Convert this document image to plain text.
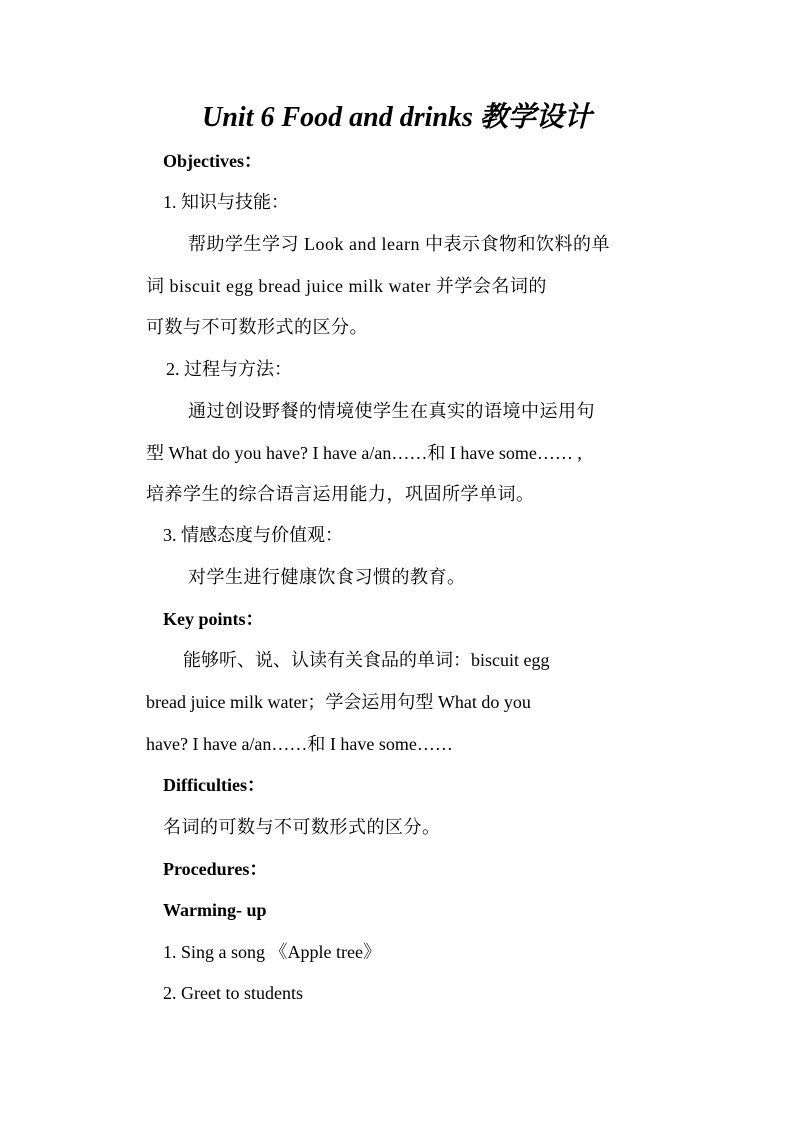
Unit 6 Food and drinks 教学设计
Objectives：
1. 知识与技能：
帮助学生学习 Look and learn 中表示食物和饮料的单
词 biscuit egg bread juice milk water 并学会名词的
可数与不可数形式的区分。
2. 过程与方法：
通过创设野餐的情境使学生在真实的语境中运用句
型 What do you have? I have a/an……和 I have some…… ,
培养学生的综合语言运用能力，巩固所学单词。
3. 情感态度与价值观：
对学生进行健康饮食习惯的教育。
Key points：
能够听、说、认读有关食品的单词：biscuit egg
bread juice milk water；学会运用句型 What do you
have? I have a/an……和 I have some……
Difficulties：
名词的可数与不可数形式的区分。
Procedures：
Warming- up
1. Sing a song 《Apple tree》
2. Greet to students
